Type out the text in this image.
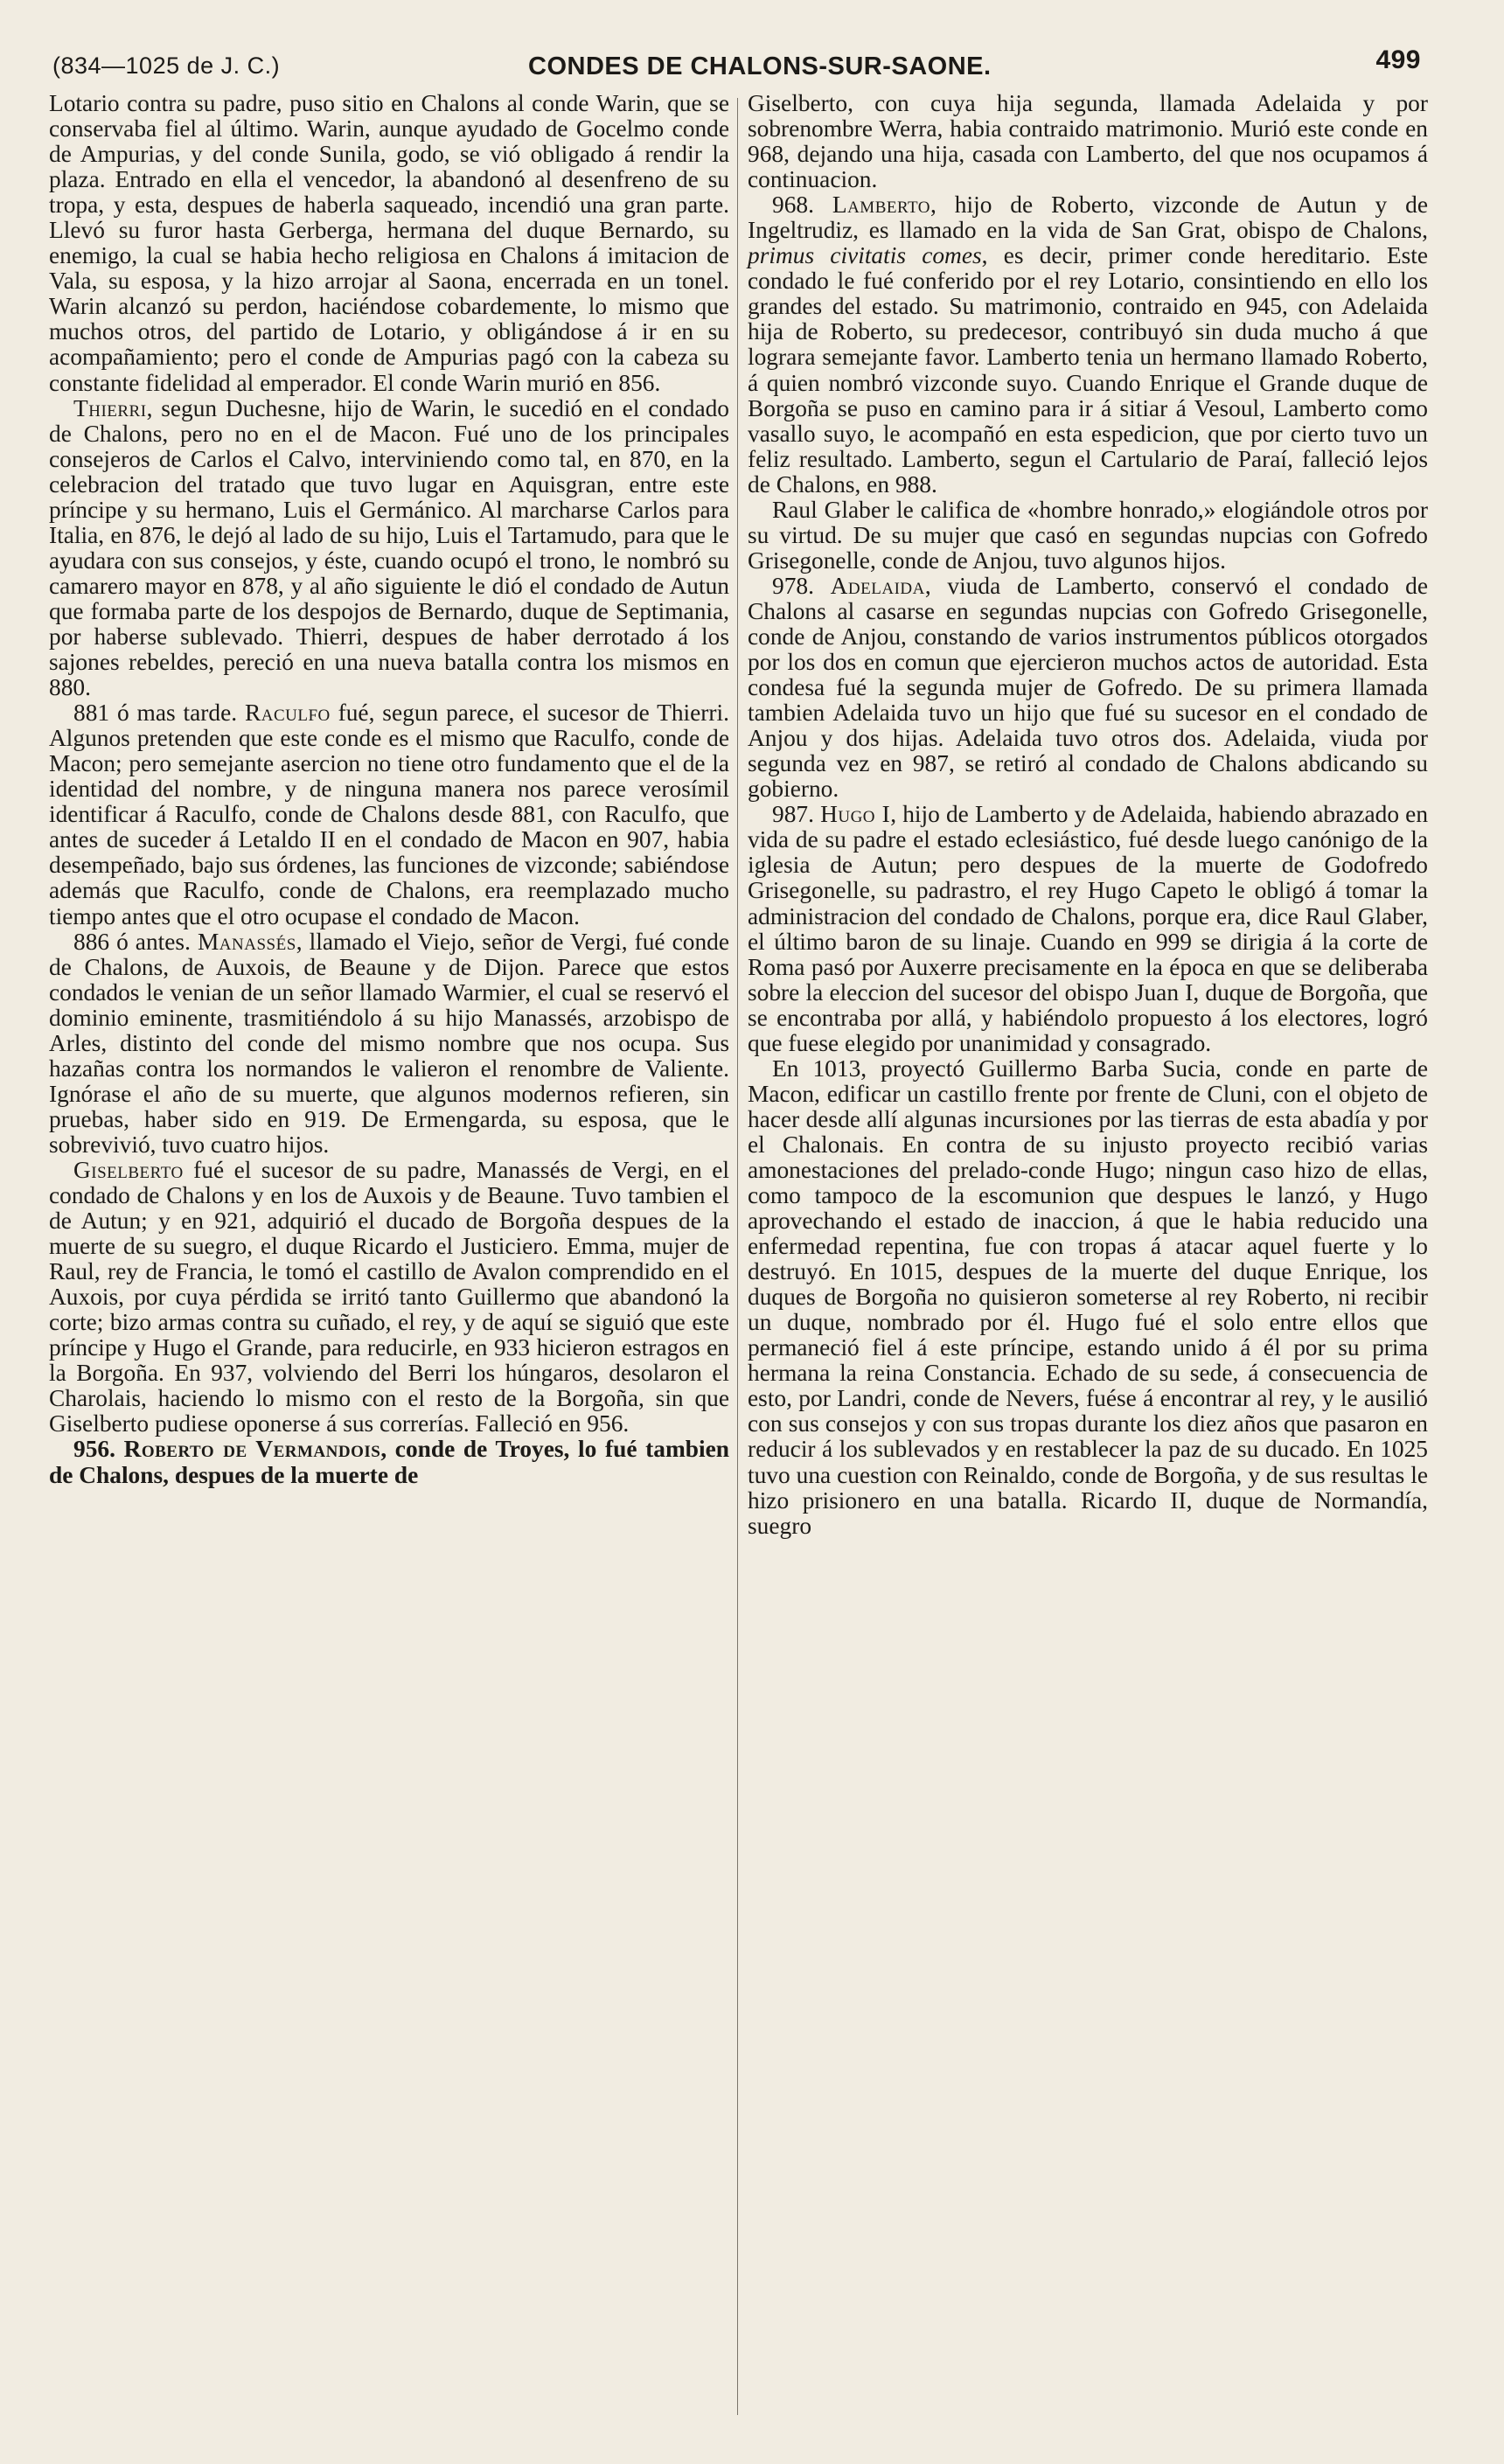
(834—1025 de J. C.)	CONDES DE CHALONS-SUR-SAONE.	499

Lotario contra su padre, puso sitio en Chalons al conde Warin, que se conservaba fiel al último. Warin, aunque ayudado de Gocelmo conde de Ampurias, y del conde Sunila, godo, se vió obligado á rendir la plaza. Entrado en ella el vencedor, la abandonó al desenfreno de su tropa, y esta, despues de haberla saqueado, incendió una gran parte. Llevó su furor hasta Gerberga, hermana del duque Bernardo, su enemigo, la cual se habia hecho religiosa en Chalons á imitacion de Vala, su esposa, y la hizo arrojar al Saona, encerrada en un tonel. Warin alcanzó su perdon, haciéndose cobardemente, lo mismo que muchos otros, del partido de Lotario, y obligándose á ir en su acompañamiento; pero el conde de Ampurias pagó con la cabeza su constante fidelidad al emperador. El conde Warin murió en 856.

Thierri, segun Duchesne, hijo de Warin, le sucedió en el condado de Chalons, pero no en el de Macon. Fué uno de los principales consejeros de Carlos el Calvo, interviniendo como tal, en 870, en la celebracion del tratado que tuvo lugar en Aquisgran, entre este príncipe y su hermano, Luis el Germánico. Al marcharse Carlos para Italia, en 876, le dejó al lado de su hijo, Luis el Tartamudo, para que le ayudara con sus consejos, y éste, cuando ocupó el trono, le nombró su camarero mayor en 878, y al año siguiente le dió el condado de Autun que formaba parte de los despojos de Bernardo, duque de Septimania, por haberse sublevado. Thierri, despues de haber derrotado á los sajones rebeldes, pereció en una nueva batalla contra los mismos en 880.

881 ó mas tarde. Raculfo fué, segun parece, el sucesor de Thierri. Algunos pretenden que este conde es el mismo que Raculfo, conde de Macon; pero semejante asercion no tiene otro fundamento que el de la identidad del nombre, y de ninguna manera nos parece verosímil identificar á Raculfo, conde de Chalons desde 881, con Raculfo, que antes de suceder á Letaldo II en el condado de Macon en 907, habia desempeñado, bajo sus órdenes, las funciones de vizconde; sabiéndose además que Raculfo, conde de Chalons, era reemplazado mucho tiempo antes que el otro ocupase el condado de Macon.

886 ó antes. Manassés, llamado el Viejo, señor de Vergi, fué conde de Chalons, de Auxois, de Beaune y de Dijon. Parece que estos condados le venian de un señor llamado Warmier, el cual se reservó el dominio eminente, trasmitiéndolo á su hijo Manassés, arzobispo de Arles, distinto del conde del mismo nombre que nos ocupa. Sus hazañas contra los normandos le valieron el renombre de Valiente. Ignórase el año de su muerte, que algunos modernos refieren, sin pruebas, haber sido en 919. De Ermengarda, su esposa, que le sobrevivió, tuvo cuatro hijos.

Giselberto fué el sucesor de su padre, Manassés de Vergi, en el condado de Chalons y en los de Auxois y de Beaune. Tuvo tambien el de Autun; y en 921, adquirió el ducado de Borgoña despues de la muerte de su suegro, el duque Ricardo el Justiciero. Emma, mujer de Raul, rey de Francia, le tomó el castillo de Avalon comprendido en el Auxois, por cuya pérdida se irritó tanto Guillermo que abandonó la corte; bizo armas contra su cuñado, el rey, y de aquí se siguió que este príncipe y Hugo el Grande, para reducirle, en 933 hicieron estragos en la Borgoña. En 937, volviendo del Berri los húngaros, desolaron el Charolais, haciendo lo mismo con el resto de la Borgoña, sin que Giselberto pudiese oponerse á sus correrías. Falleció en 956.

956. Roberto de Vermandois, conde de Troyes, lo fué tambien de Chalons, despues de la muerte de

Giselberto, con cuya hija segunda, llamada Adelaida y por sobrenombre Werra, habia contraido matrimonio. Murió este conde en 968, dejando una hija, casada con Lamberto, del que nos ocupamos á continuacion.

968. Lamberto, hijo de Roberto, vizconde de Autun y de Ingeltrudiz, es llamado en la vida de San Grat, obispo de Chalons, primus civitatis comes, es decir, primer conde hereditario. Este condado le fué conferido por el rey Lotario, consintiendo en ello los grandes del estado. Su matrimonio, contraido en 945, con Adelaida hija de Roberto, su predecesor, contribuyó sin duda mucho á que lograra semejante favor. Lamberto tenia un hermano llamado Roberto, á quien nombró vizconde suyo. Cuando Enrique el Grande duque de Borgoña se puso en camino para ir á sitiar á Vesoul, Lamberto como vasallo suyo, le acompañó en esta espedicion, que por cierto tuvo un feliz resultado. Lamberto, segun el Cartulario de Paraí, falleció lejos de Chalons, en 988.

Raul Glaber le califica de «hombre honrado,» elogiándole otros por su virtud. De su mujer que casó en segundas nupcias con Gofredo Grisegonelle, conde de Anjou, tuvo algunos hijos.

978. Adelaida, viuda de Lamberto, conservó el condado de Chalons al casarse en segundas nupcias con Gofredo Grisegonelle, conde de Anjou, constando de varios instrumentos públicos otorgados por los dos en comun que ejercieron muchos actos de autoridad. Esta condesa fué la segunda mujer de Gofredo. De su primera llamada tambien Adelaida tuvo un hijo que fué su sucesor en el condado de Anjou y dos hijas. Adelaida tuvo otros dos. Adelaida, viuda por segunda vez en 987, se retiró al condado de Chalons abdicando su gobierno.

987. Hugo I, hijo de Lamberto y de Adelaida, habiendo abrazado en vida de su padre el estado eclesiástico, fué desde luego canónigo de la iglesia de Autun; pero despues de la muerte de Godofredo Grisegonelle, su padrastro, el rey Hugo Capeto le obligó á tomar la administracion del condado de Chalons, porque era, dice Raul Glaber, el último baron de su linaje. Cuando en 999 se dirigia á la corte de Roma pasó por Auxerre precisamente en la época en que se deliberaba sobre la eleccion del sucesor del obispo Juan I, duque de Borgoña, que se encontraba por allá, y habiéndolo propuesto á los electores, logró que fuese elegido por unanimidad y consagrado.

En 1013, proyectó Guillermo Barba Sucia, conde en parte de Macon, edificar un castillo frente por frente de Cluni, con el objeto de hacer desde allí algunas incursiones por las tierras de esta abadía y por el Chalonais. En contra de su injusto proyecto recibió varias amonestaciones del prelado-conde Hugo; ningun caso hizo de ellas, como tampoco de la escomunion que despues le lanzó, y Hugo aprovechando el estado de inaccion, á que le habia reducido una enfermedad repentina, fue con tropas á atacar aquel fuerte y lo destruyó. En 1015, despues de la muerte del duque Enrique, los duques de Borgoña no quisieron someterse al rey Roberto, ni recibir un duque, nombrado por él. Hugo fué el solo entre ellos que permaneció fiel á este príncipe, estando unido á él por su prima hermana la reina Constancia. Echado de su sede, á consecuencia de esto, por Landri, conde de Nevers, fuése á encontrar al rey, y le ausilió con sus consejos y con sus tropas durante los diez años que pasaron en reducir á los sublevados y en restablecer la paz de su ducado. En 1025 tuvo una cuestion con Reinaldo, conde de Borgoña, y de sus resultas le hizo prisionero en una batalla. Ricardo II, duque de Normandía, suegro
